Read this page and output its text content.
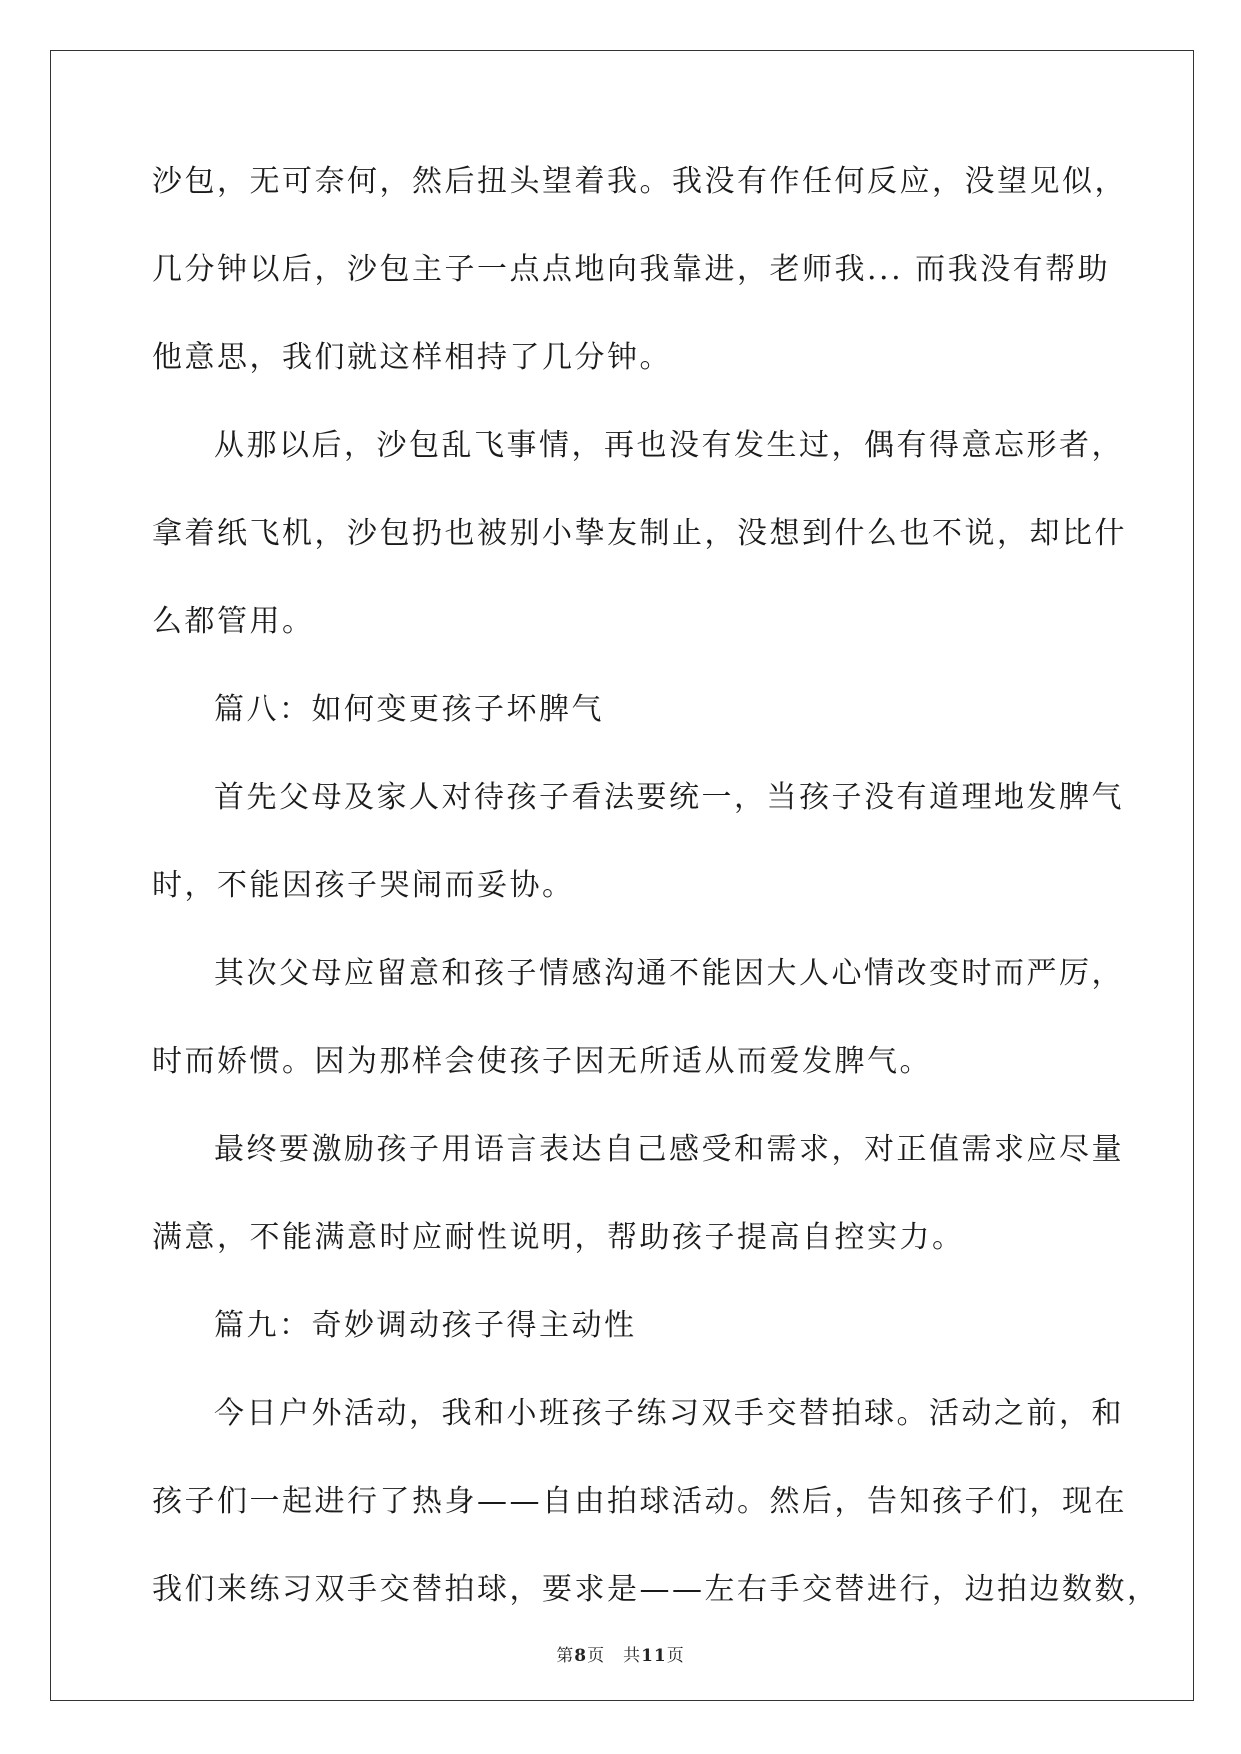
沙包，无可奈何，然后扭头望着我。我没有作任何反应，没望见似，
几分钟以后，沙包主子一点点地向我靠进，老师我... 而我没有帮助
他意思，我们就这样相持了几分钟。
从那以后，沙包乱飞事情，再也没有发生过，偶有得意忘形者，
拿着纸飞机，沙包扔也被别小挚友制止，没想到什么也不说，却比什
么都管用。
篇八：如何变更孩子坏脾气
首先父母及家人对待孩子看法要统一，当孩子没有道理地发脾气
时，不能因孩子哭闹而妥协。
其次父母应留意和孩子情感沟通不能因大人心情改变时而严厉，
时而娇惯。因为那样会使孩子因无所适从而爱发脾气。
最终要激励孩子用语言表达自己感受和需求，对正值需求应尽量
满意，不能满意时应耐性说明，帮助孩子提高自控实力。
篇九：奇妙调动孩子得主动性
今日户外活动，我和小班孩子练习双手交替拍球。活动之前，和
孩子们一起进行了热身——自由拍球活动。然后，告知孩子们，现在
我们来练习双手交替拍球，要求是——左右手交替进行，边拍边数数，
第8页 共11页
